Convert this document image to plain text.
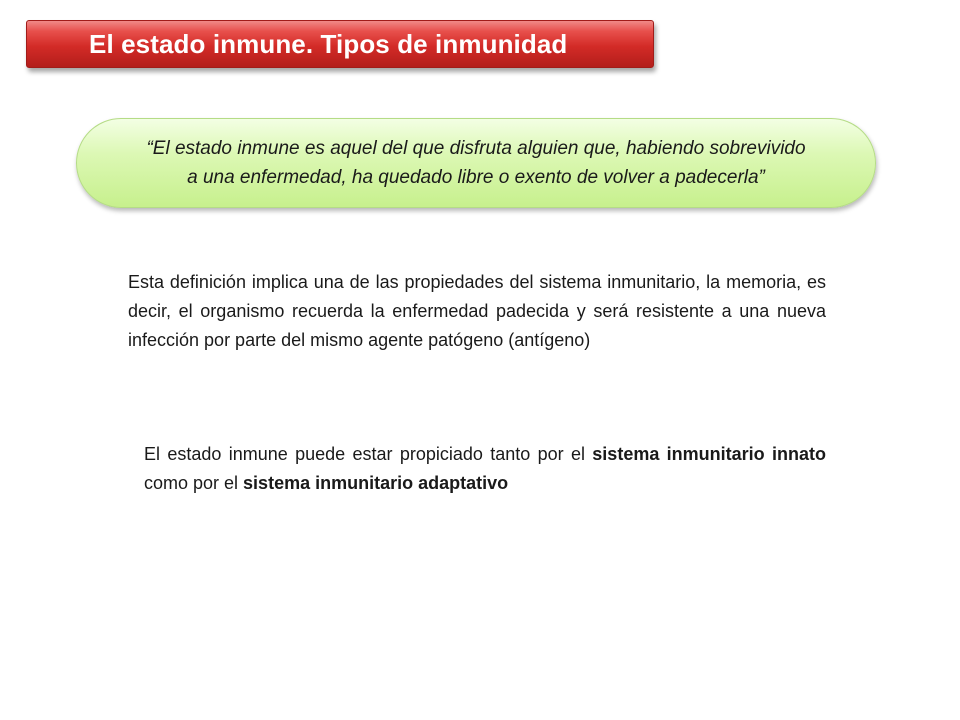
El estado inmune. Tipos de inmunidad

“El estado inmune es aquel del que disfruta alguien que, habiendo sobrevivido
a una enfermedad, ha quedado libre o exento de volver a padecerla”

Esta definición implica una de las propiedades del sistema inmunitario, la memoria, es decir, el organismo recuerda la enfermedad padecida y será resistente a una nueva infección por parte del mismo agente patógeno (antígeno)

El estado inmune puede estar propiciado tanto por el sistema inmunitario innato como por el sistema inmunitario adaptativo
